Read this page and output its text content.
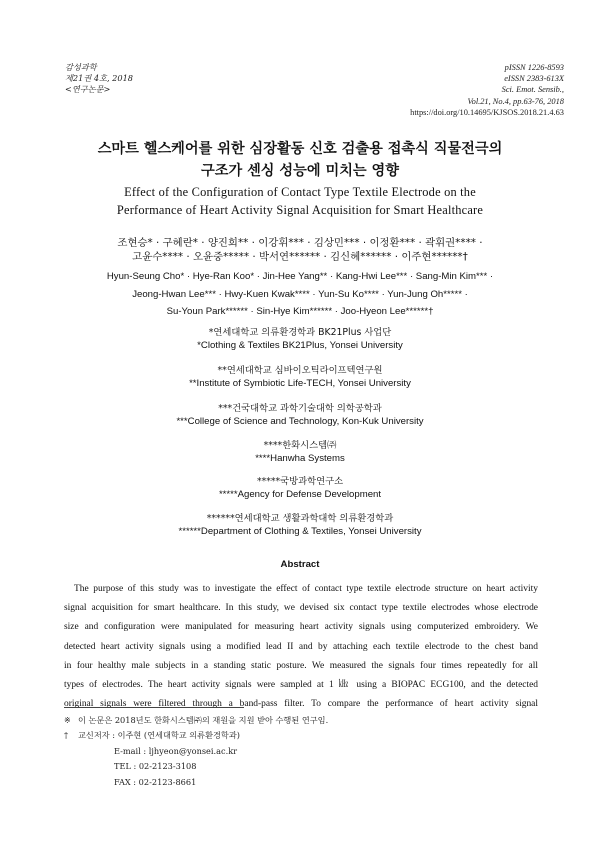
감성과학
제21권 4호, 2018
<연구논문>
pISSN 1226-8593
eISSN 2383-613X
Sci. Emot. Sensib.,
Vol.21, No.4, pp.63-76, 2018
https://doi.org/10.14695/KJSOS.2018.21.4.63
스마트 헬스케어를 위한 심장활동 신호 검출용 접촉식 직물전극의
구조가 센싱 성능에 미치는 영향
Effect of the Configuration of Contact Type Textile Electrode on the
Performance of Heart Activity Signal Acquisition for Smart Healthcare
조현승* · 구혜란* · 양진희** · 이강휘*** · 김상민*** · 이정환*** · 곽휘권**** ·
고윤수**** · 오윤중***** · 박서연****** · 김신혜****** · 이주현******†
Hyun-Seung Cho* · Hye-Ran Koo* · Jin-Hee Yang** · Kang-Hwi Lee*** · Sang-Min Kim*** ·
Jeong-Hwan Lee*** · Hwy-Kuen Kwak**** · Yun-Su Ko**** · Yun-Jung Oh***** ·
Su-Youn Park****** · Sin-Hye Kim****** · Joo-Hyeon Lee******†
*연세대학교 의류환경학과 BK21Plus 사업단
*Clothing & Textiles BK21Plus, Yonsei University
**연세대학교 심바이오틱라이프텍연구원
**Institute of Symbiotic Life-TECH, Yonsei University
***건국대학교 과학기술대학 의학공학과
***College of Science and Technology, Kon-Kuk University
****한화시스템㈜
****Hanwha Systems
*****국방과학연구소
*****Agency for Defense Development
******연세대학교 생활과학대학 의류환경학과
******Department of Clothing & Textiles, Yonsei University
Abstract
The purpose of this study was to investigate the effect of contact type textile electrode structure on heart activity
signal acquisition for smart healthcare. In this study, we devised six contact type textile electrodes whose electrode
size and configuration were manipulated for measuring heart activity signals using computerized embroidery. We
detected heart activity signals using a modified lead II and by attaching each textile electrode to the chest band
in four healthy male subjects in a standing static posture. We measured the signals four times repeatedly for all
types of electrodes. The heart activity signals were sampled at 1 ㎑ using a BIOPAC ECG100, and the detected
original signals were filtered through a band-pass filter. To compare the performance of heart activity signal
※ 이 논문은 2018년도 한화시스템㈜의 재원을 지원 받아 수행된 연구임.
† 교신저자 : 이주현 (연세대학교 의류환경학과)
E-mail : ljhyeon@yonsei.ac.kr
TEL : 02-2123-3108
FAX : 02-2123-8661
